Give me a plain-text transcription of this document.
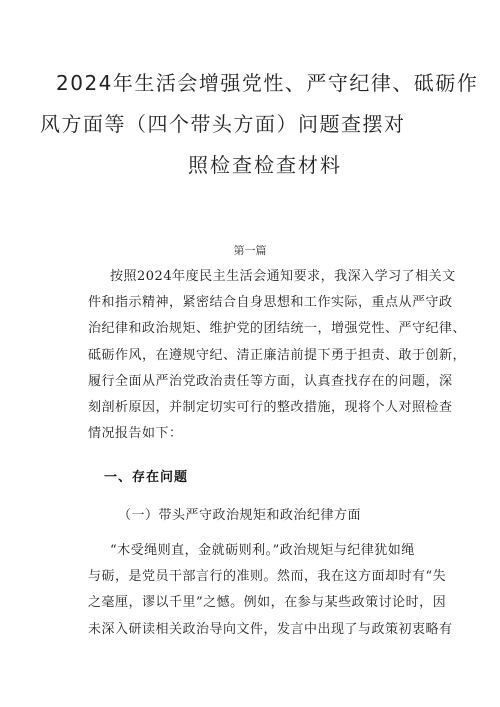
2024年生活会增强党性、严守纪律、砥砺作
风方面等（四个带头方面）问题查摆对
照检查检查材料
第一篇
按照2024年度民主生活会通知要求，我深入学习了相关文
件和指示精神，紧密结合自身思想和工作实际，重点从严守政
治纪律和政治规矩、维护党的团结统一，增强党性、严守纪律、
砥砺作风，在遵规守纪、清正廉洁前提下勇于担责、敢于创新，
履行全面从严治党政治责任等方面，认真查找存在的问题，深
刻剖析原因，并制定切实可行的整改措施，现将个人对照检查
情况报告如下：
一、存在问题
（一）带头严守政治规矩和政治纪律方面
“木受绳则直，金就砺则利。”政治规矩与纪律犹如绳
与砺，是党员干部言行的准则。然而，我在这方面却时有“失
之毫厘，谬以千里”之憾。例如，在参与某些政策讨论时，因
未深入研读相关政治导向文件，发言中出现了与政策初衷略有
